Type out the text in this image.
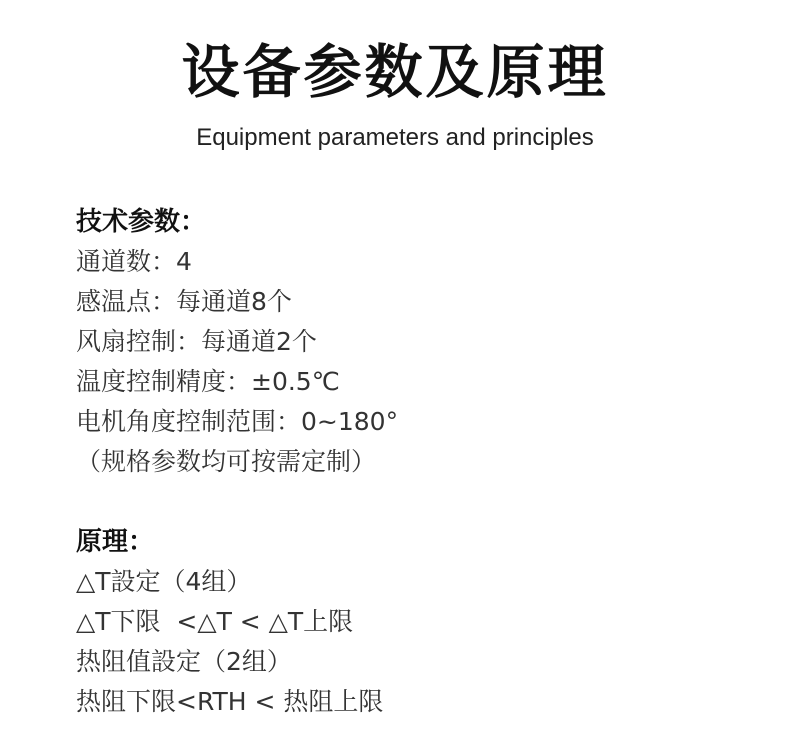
设备参数及原理
Equipment parameters and principles
技术参数：
通道数：4
感温点：每通道8个
风扇控制：每通道2个
温度控制精度：±0.5℃
电机角度控制范围：0~180°
（规格参数均可按需定制）
原理：
△T設定（4组）
△T下限  <△T < △T上限
热阻值設定（2组）
热阻下限<RTH < 热阻上限
